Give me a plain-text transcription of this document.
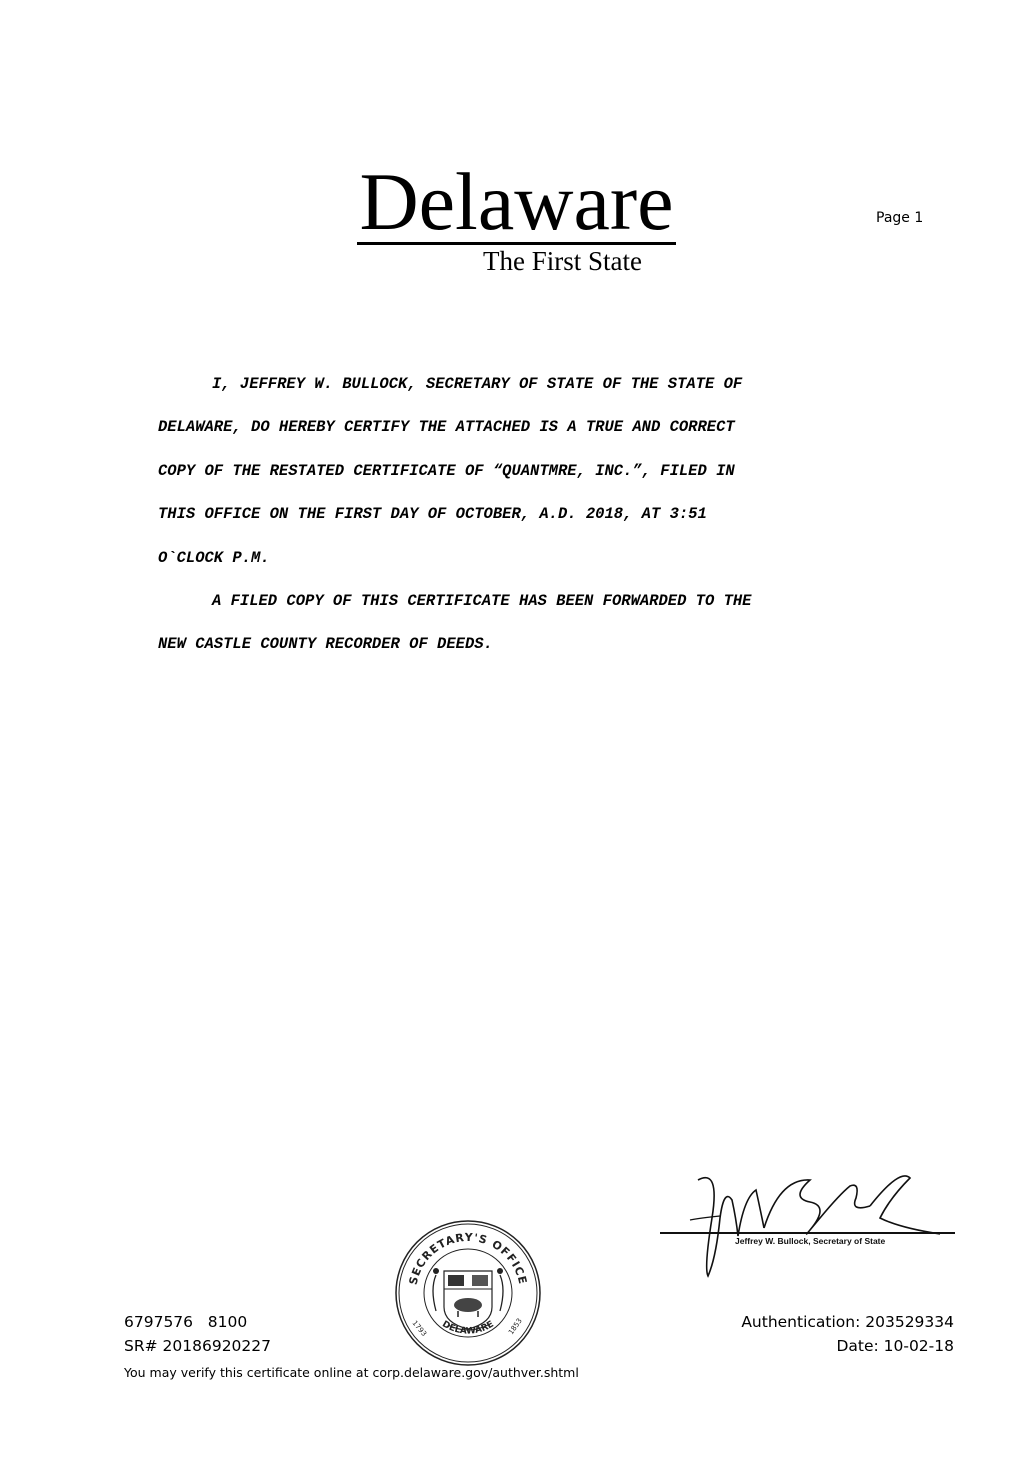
Delaware	Page 1
The First State
I, JEFFREY W. BULLOCK, SECRETARY OF STATE OF THE STATE OF
DELAWARE, DO HEREBY CERTIFY THE ATTACHED IS A TRUE AND CORRECT
COPY OF THE RESTATED CERTIFICATE OF “QUANTMRE, INC.”, FILED IN
THIS OFFICE ON THE FIRST DAY OF OCTOBER, A.D. 2018, AT 3:51
O`CLOCK P.M.
A FILED COPY OF THIS CERTIFICATE HAS BEEN FORWARDED TO THE
NEW CASTLE COUNTY RECORDER OF DEEDS.
SECRETARY'S OFFICE
DELAWARE
1793	1853
Jeffrey W. Bullock, Secretary of State
6797576   8100
SR# 20186920227
Authentication: 203529334
Date: 10-02-18
You may verify this certificate online at corp.delaware.gov/authver.shtml
